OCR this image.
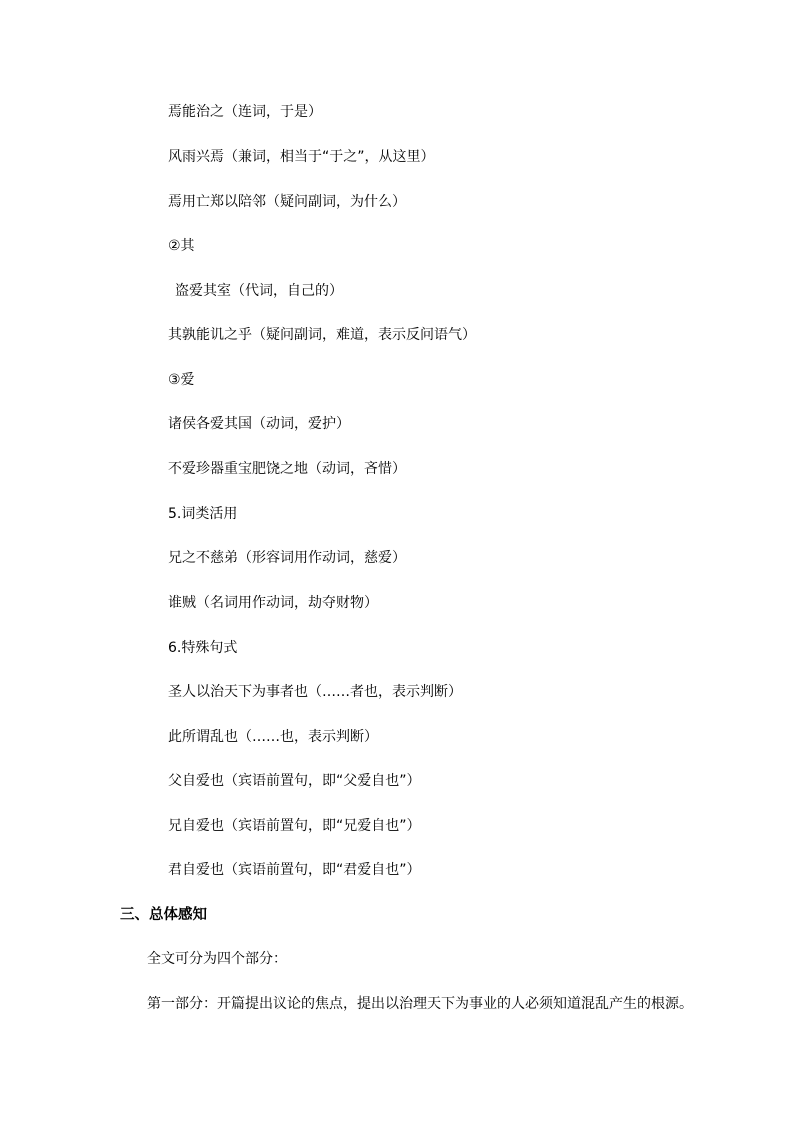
焉能治之（连词，于是）
风雨兴焉（兼词，相当于“于之”，从这里）
焉用亡郑以陪邻（疑问副词，为什么）
②其
盗爱其室（代词，自己的）
其孰能讥之乎（疑问副词，难道，表示反问语气）
③爱
诸侯各爱其国（动词，爱护）
不爱珍器重宝肥饶之地（动词，吝惜）
5.词类活用
兄之不慈弟（形容词用作动词，慈爱）
谁贼（名词用作动词，劫夺财物）
6.特殊句式
圣人以治天下为事者也（……者也，表示判断）
此所谓乱也（……也，表示判断）
父自爱也（宾语前置句，即“父爱自也”）
兄自爱也（宾语前置句，即“兄爱自也”）
君自爱也（宾语前置句，即“君爱自也”）
三、总体感知
全文可分为四个部分：
第一部分：开篇提出议论的焦点，提出以治理天下为事业的人必须知道混乱产生的根源。
